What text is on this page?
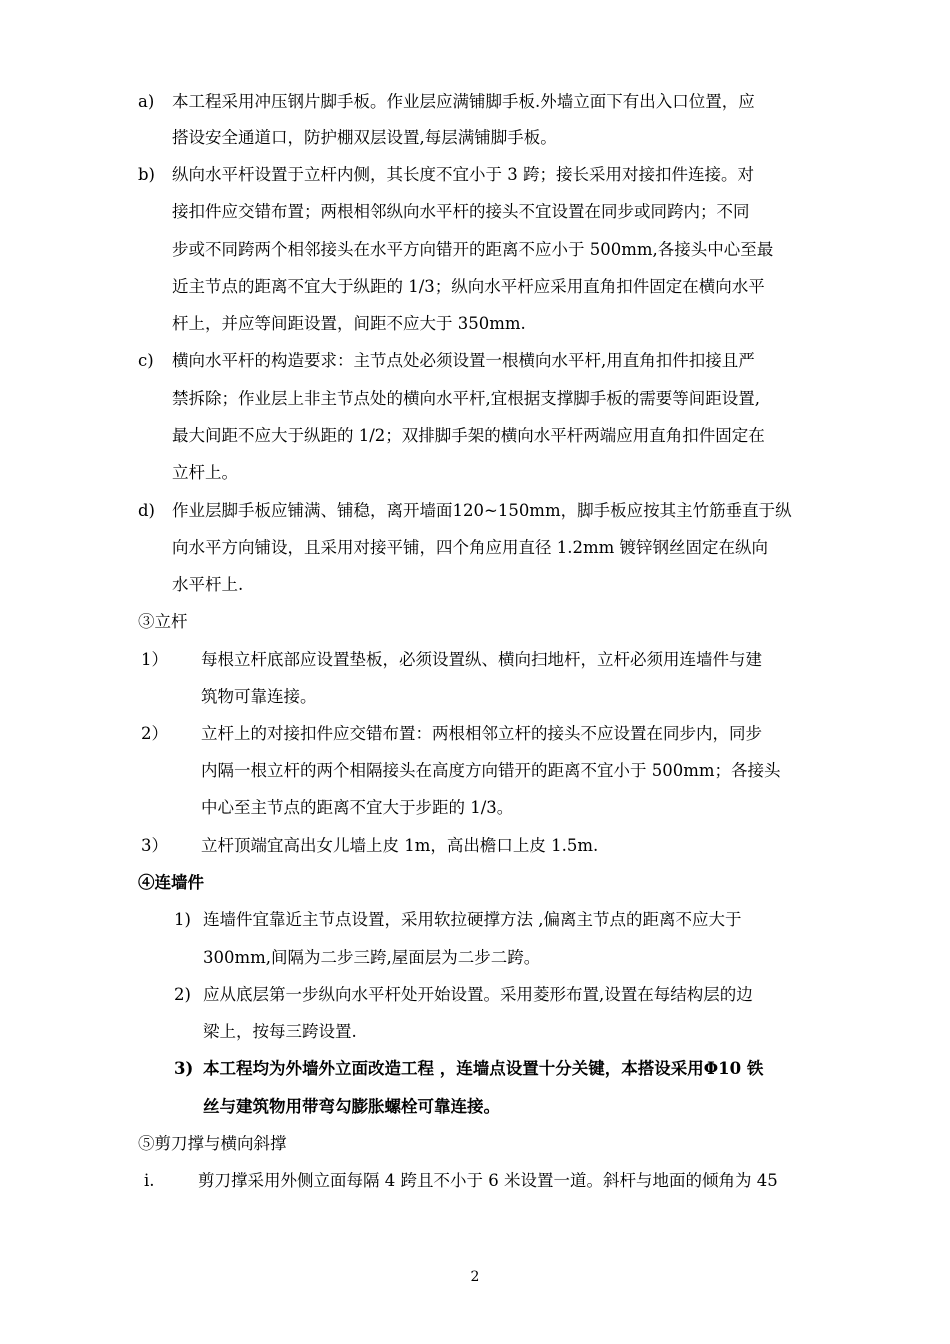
a) 本工程采用冲压钢片脚手板。作业层应满铺脚手板.外墙立面下有出入口位置，应
搭设安全通道口，防护棚双层设置,每层满铺脚手板。
b) 纵向水平杆设置于立杆内侧，其长度不宜小于 3 跨；接长采用对接扣件连接。对
接扣件应交错布置；两根相邻纵向水平杆的接头不宜设置在同步或同跨内；不同
步或不同跨两个相邻接头在水平方向错开的距离不应小于 500mm,各接头中心至最
近主节点的距离不宜大于纵距的 1/3；纵向水平杆应采用直角扣件固定在横向水平
杆上，并应等间距设置，间距不应大于 350mm.
c) 横向水平杆的构造要求：主节点处必须设置一根横向水平杆,用直角扣件扣接且严
禁拆除；作业层上非主节点处的横向水平杆,宜根据支撑脚手板的需要等间距设置,
最大间距不应大于纵距的 1/2；双排脚手架的横向水平杆两端应用直角扣件固定在
立杆上。
d) 作业层脚手板应铺满、铺稳，离开墙面120~150mm，脚手板应按其主竹筋垂直于纵
向水平方向铺设，且采用对接平铺，四个角应用直径 1.2mm 镀锌钢丝固定在纵向
水平杆上.
③立杆
1） 每根立杆底部应设置垫板，必须设置纵、横向扫地杆，立杆必须用连墙件与建
筑物可靠连接。
2） 立杆上的对接扣件应交错布置：两根相邻立杆的接头不应设置在同步内，同步
内隔一根立杆的两个相隔接头在高度方向错开的距离不宜小于 500mm；各接头
中心至主节点的距离不宜大于步距的 1/3。
3） 立杆顶端宜高出女儿墙上皮 1m，高出檐口上皮 1.5m.
④连墙件
1) 连墙件宜靠近主节点设置，采用软拉硬撑方法 ,偏离主节点的距离不应大于
300mm,间隔为二步三跨,屋面层为二步二跨。
2) 应从底层第一步纵向水平杆处开始设置。采用菱形布置,设置在每结构层的边
梁上，按每三跨设置.
3) 本工程均为外墙外立面改造工程 ，连墙点设置十分关键，本搭设采用Φ10 铁
丝与建筑物用带弯勾膨胀螺栓可靠连接。
⑤剪刀撑与横向斜撑
i.	剪刀撑采用外侧立面每隔 4 跨且不小于 6 米设置一道。斜杆与地面的倾角为 45
2
